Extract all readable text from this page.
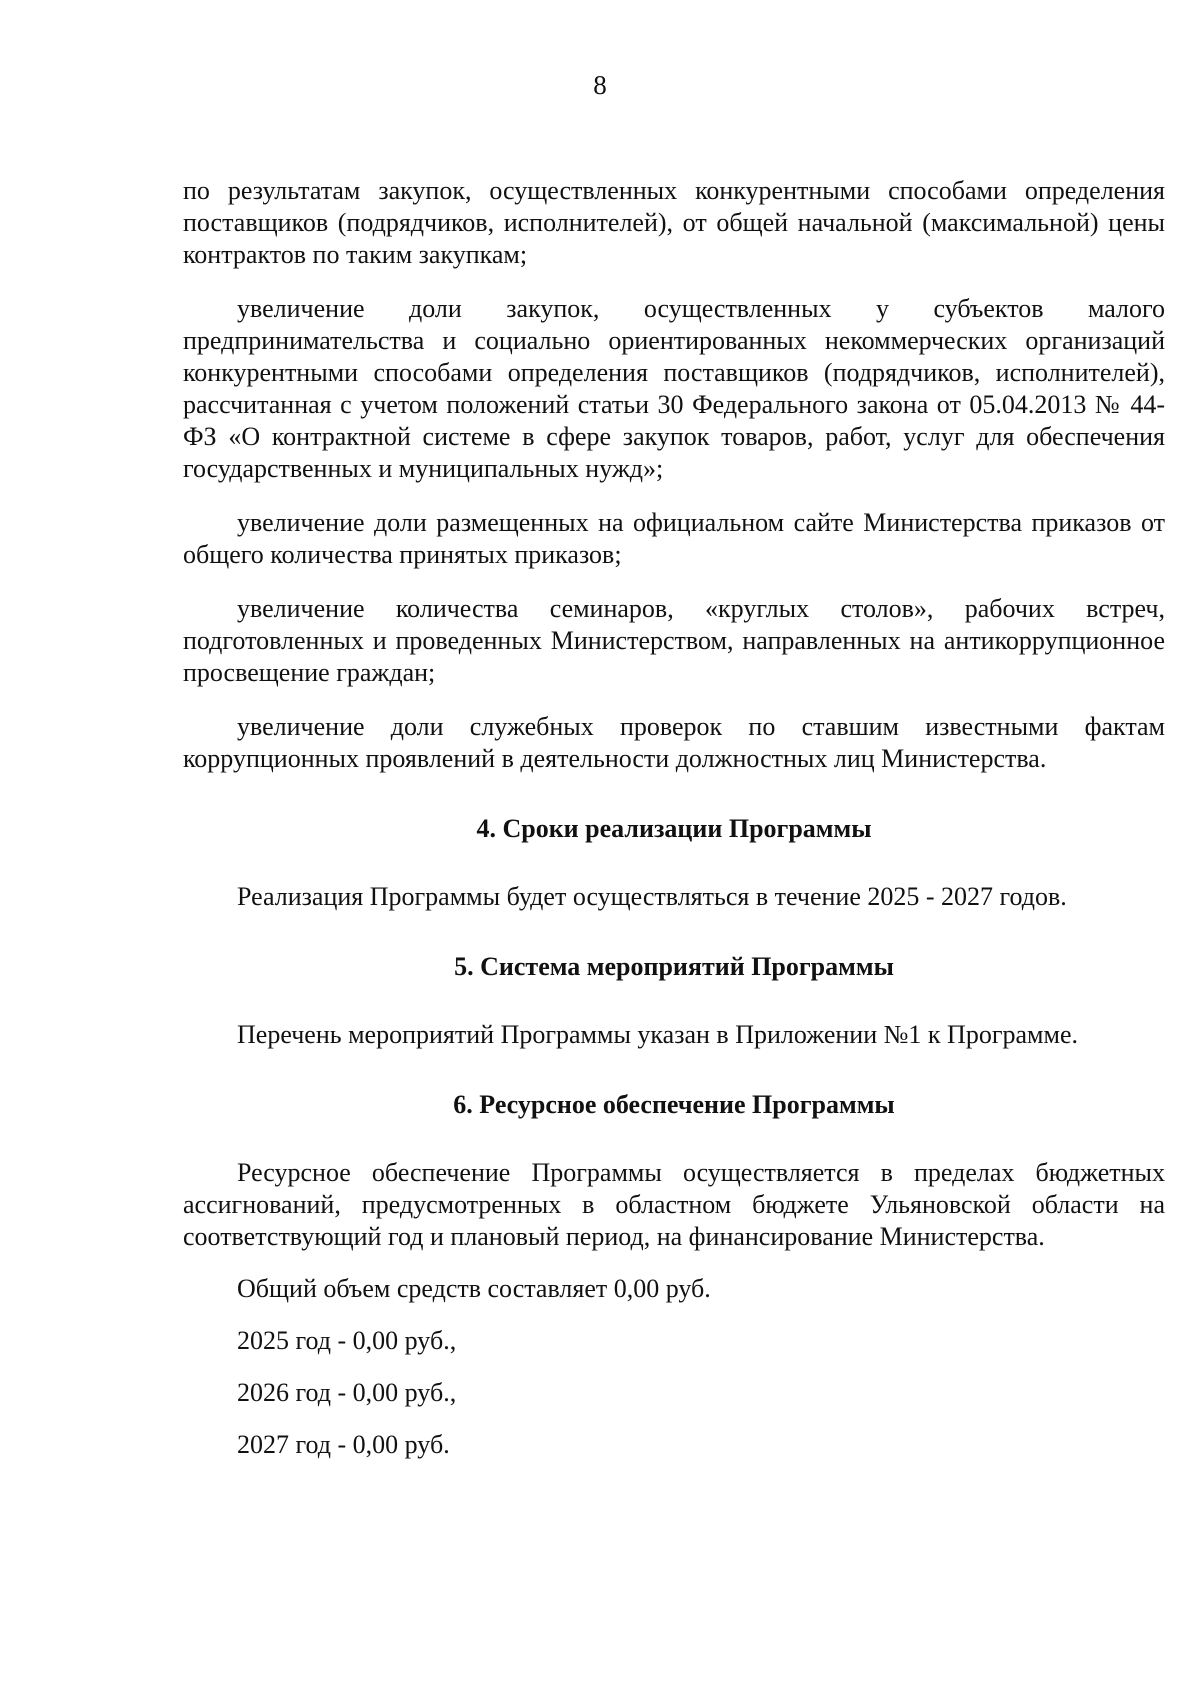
8

по результатам закупок, осуществленных конкурентными способами определения поставщиков (подрядчиков, исполнителей), от общей начальной (максимальной) цены контрактов по таким закупкам;

увеличение доли закупок, осуществленных у субъектов малого предпринимательства и социально ориентированных некоммерческих организаций конкурентными способами определения поставщиков (подрядчиков, исполнителей), рассчитанная с учетом положений статьи 30 Федерального закона от 05.04.2013 № 44-ФЗ «О контрактной системе в сфере закупок товаров, работ, услуг для обеспечения государственных и муниципальных нужд»;

увеличение доли размещенных на официальном сайте Министерства приказов от общего количества принятых приказов;

увеличение количества семинаров, «круглых столов», рабочих встреч, подготовленных и проведенных Министерством, направленных на антикоррупционное просвещение граждан;

увеличение доли служебных проверок по ставшим известными фактам коррупционных проявлений в деятельности должностных лиц Министерства.

4. Сроки реализации Программы

Реализация Программы будет осуществляться в течение 2025 - 2027 годов.

5. Система мероприятий Программы

Перечень мероприятий Программы указан в Приложении №1 к Программе.

6. Ресурсное обеспечение Программы

Ресурсное обеспечение Программы осуществляется в пределах бюджетных ассигнований, предусмотренных в областном бюджете Ульяновской области на соответствующий год и плановый период, на финансирование Министерства.

Общий объем средств составляет 0,00 руб.

2025 год - 0,00 руб.,

2026 год - 0,00 руб.,

2027 год - 0,00 руб.
